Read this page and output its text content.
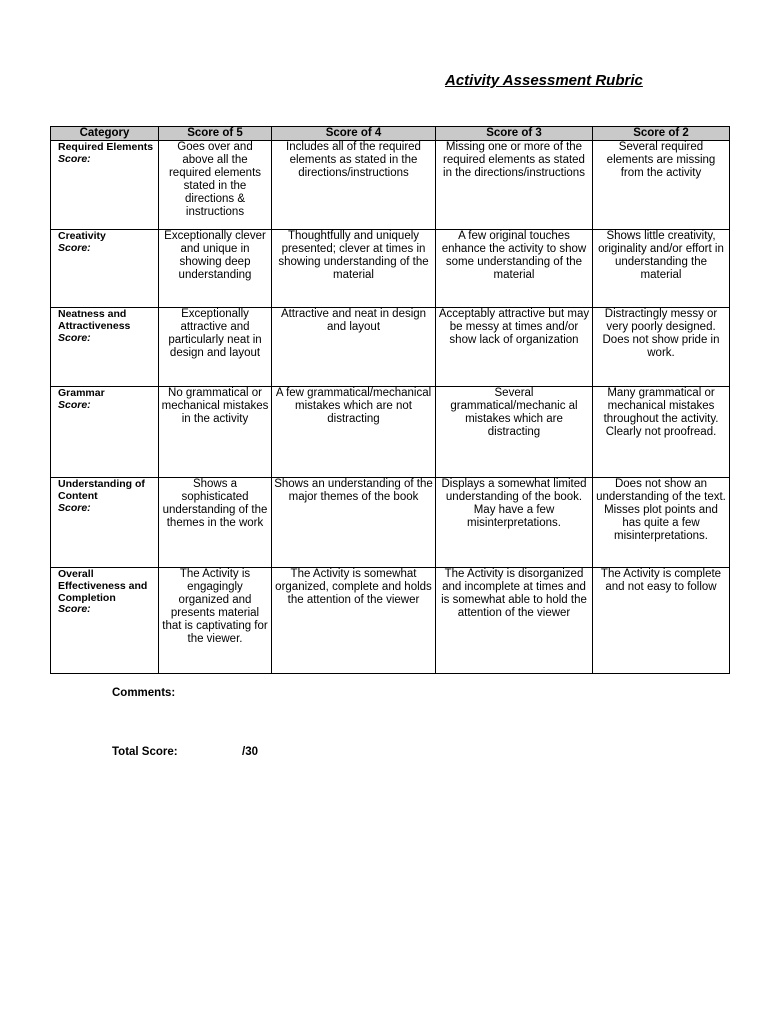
Activity Assessment Rubric
Category	Score of 5	Score of 4	Score of 3	Score of 2

Required Elements
Score:	Goes over and above all the required elements stated in the directions & instructions	Includes all of the required elements as stated in the directions/instructions	Missing one or more of the required elements as stated in the directions/instructions	Several required elements are missing from the activity

Creativity
Score:	Exceptionally clever and unique in showing deep understanding	Thoughtfully and uniquely presented; clever at times in showing understanding of the material	A few original touches enhance the activity to show some understanding of the material	Shows little creativity, originality and/or effort in understanding the material

Neatness and Attractiveness
Score:	Exceptionally attractive and particularly neat in design and layout	Attractive and neat in design and layout	Acceptably attractive but may be messy at times and/or show lack of organization	Distractingly messy or very poorly designed. Does not show pride in work.

Grammar
Score:	No grammatical or mechanical mistakes in the activity	A few grammatical/mechanical mistakes which are not distracting	Several grammatical/mechanic al mistakes which are distracting	Many grammatical or mechanical mistakes throughout the activity. Clearly not proofread.

Understanding of Content
Score:	Shows a sophisticated understanding of the themes in the work	Shows an understanding of the major themes of the book	Displays a somewhat limited understanding of the book. May have a few misinterpretations.	Does not show an understanding of the text. Misses plot points and has quite a few misinterpretations.

Overall Effectiveness and Completion
Score:	The Activity is engagingly organized and presents material that is captivating for the viewer.	The Activity is somewhat organized, complete and holds the attention of the viewer	The Activity is disorganized and incomplete at times and is somewhat able to hold the attention of the viewer	The Activity is complete and not easy to follow
Comments:
Total Score:	/30
